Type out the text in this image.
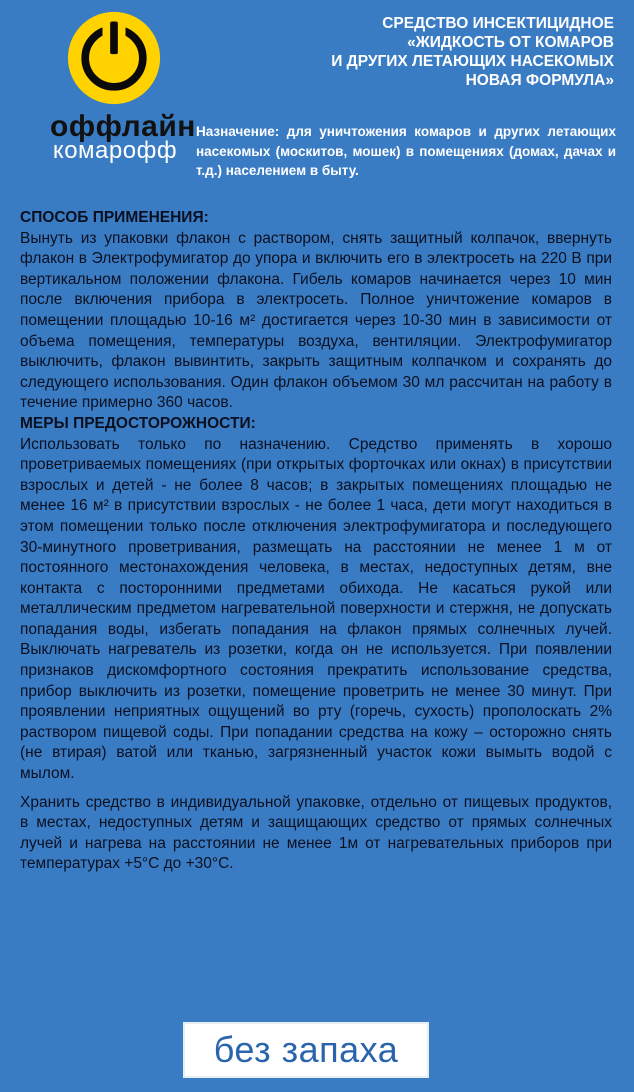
оффлайн
комарофф
СРЕДСТВО ИНСЕКТИЦИДНОЕ
«ЖИДКОСТЬ ОТ КОМАРОВ
И ДРУГИХ ЛЕТАЮЩИХ НАСЕКОМЫХ
НОВАЯ ФОРМУЛА»
Назначение: для уничтожения комаров и других летающих насекомых (москитов, мошек) в помещениях (домах, дачах и т.д.) населением в быту.

СПОСОБ ПРИМЕНЕНИЯ:

Вынуть из упаковки флакон с раствором, снять защитный колпачок, ввернуть флакон в Электрофумигатор до упора и включить его в электросеть на 220 В при вертикальном положении флакона. Гибель комаров начинается через 10 мин после включения прибора в электросеть. Полное уничтожение комаров в помещении площадью 10-16 м² достигается через 10-30 мин в зависимости от объема помещения, температуры воздуха, вентиляции. Электрофумигатор выключить, флакон вывинтить, закрыть защитным колпачком и сохранять до следующего использования. Один флакон объемом 30 мл рассчитан на работу в течение примерно 360 часов.

МЕРЫ ПРЕДОСТОРОЖНОСТИ:

Использовать только по назначению. Средство применять в хорошо проветриваемых помещениях (при открытых форточках или окнах) в присутствии взрослых и детей - не более 8 часов; в закрытых помещениях площадью не менее 16 м² в присутствии взрослых - не более 1 часа, дети могут находиться в этом помещении только после отключения электрофумигатора и последующего 30-минутного проветривания, размещать на расстоянии не менее 1 м от постоянного местонахождения человека, в местах, недоступных детям, вне контакта с посторонними предметами обихода. Не касаться рукой или металлическим предметом нагревательной поверхности и стержня, не допускать попадания воды, избегать попадания на флакон прямых солнечных лучей. Выключать нагреватель из розетки, когда он не используется. При появлении признаков дискомфортного состояния прекратить использование средства, прибор выключить из розетки, помещение проветрить не менее 30 минут. При проявлении неприятных ощущений во рту (горечь, сухость) прополоскать 2% раствором пищевой соды. При попадании средства на кожу – осторожно снять (не втирая) ватой или тканью, загрязненный участок кожи вымыть водой с мылом.

Хранить средство в индивидуальной упаковке, отдельно от пищевых продуктов, в местах, недоступных детям и защищающих средство от прямых солнечных лучей и нагрева на расстоянии не менее 1м от нагревательных приборов при температурах +5°С до +30°С.

без запаха
